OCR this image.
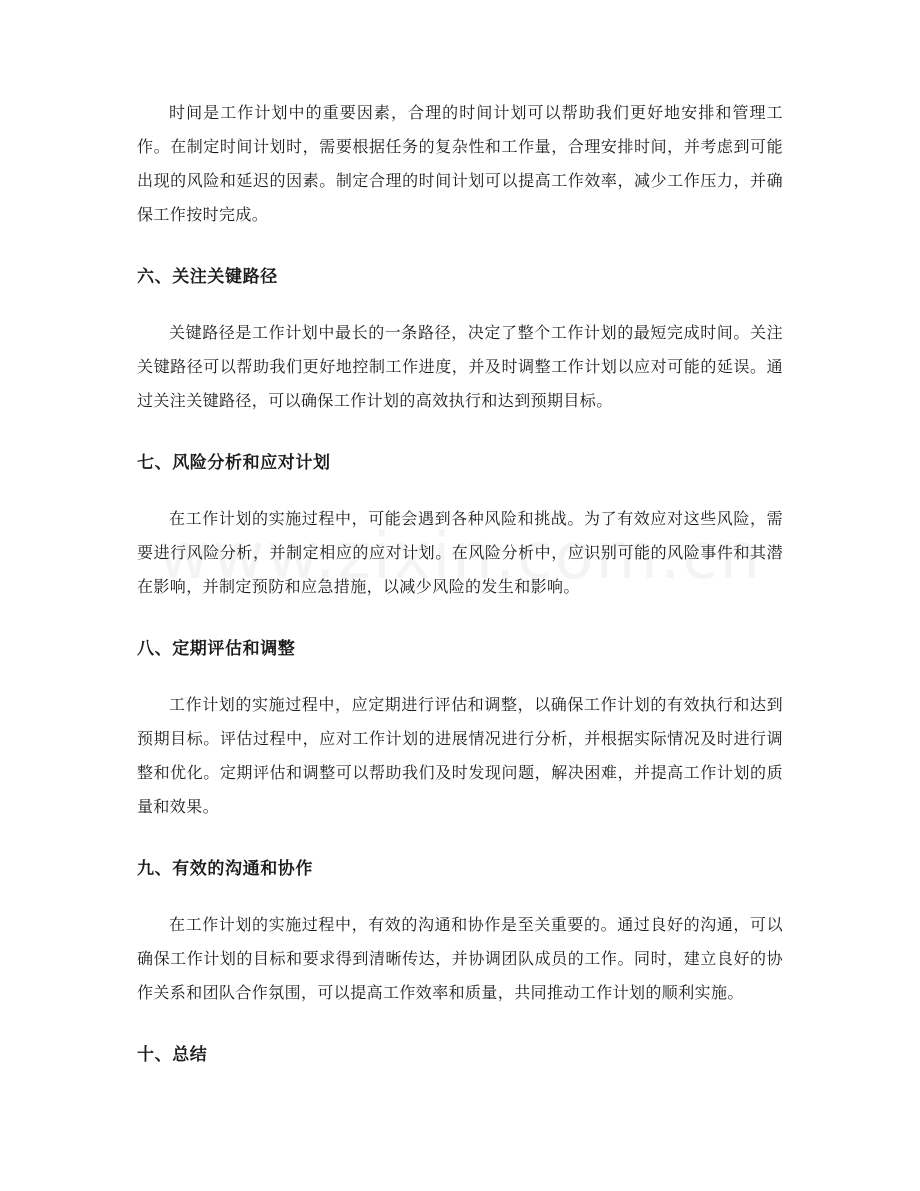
时间是工作计划中的重要因素，合理的时间计划可以帮助我们更好地安排和管理工作。在制定时间计划时，需要根据任务的复杂性和工作量，合理安排时间，并考虑到可能出现的风险和延迟的因素。制定合理的时间计划可以提高工作效率，减少工作压力，并确保工作按时完成。

六、关注关键路径

关键路径是工作计划中最长的一条路径，决定了整个工作计划的最短完成时间。关注关键路径可以帮助我们更好地控制工作进度，并及时调整工作计划以应对可能的延误。通过关注关键路径，可以确保工作计划的高效执行和达到预期目标。

七、风险分析和应对计划

在工作计划的实施过程中，可能会遇到各种风险和挑战。为了有效应对这些风险，需要进行风险分析，并制定相应的应对计划。在风险分析中，应识别可能的风险事件和其潜在影响，并制定预防和应急措施，以减少风险的发生和影响。

八、定期评估和调整

工作计划的实施过程中，应定期进行评估和调整，以确保工作计划的有效执行和达到预期目标。评估过程中，应对工作计划的进展情况进行分析，并根据实际情况及时进行调整和优化。定期评估和调整可以帮助我们及时发现问题，解决困难，并提高工作计划的质量和效果。

九、有效的沟通和协作

在工作计划的实施过程中，有效的沟通和协作是至关重要的。通过良好的沟通，可以确保工作计划的目标和要求得到清晰传达，并协调团队成员的工作。同时，建立良好的协作关系和团队合作氛围，可以提高工作效率和质量，共同推动工作计划的顺利实施。

十、总结
